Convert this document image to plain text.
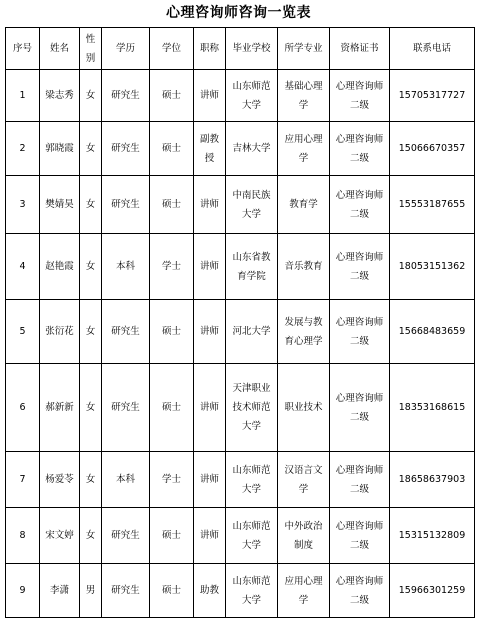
心理咨询师咨询一览表
序号	姓名	性别	学历	学位	职称	毕业学校	所学专业	资格证书	联系电话
1	梁志秀	女	研究生	硕士	讲师	山东师范大学	基础心理学	心理咨询师二级	15705317727
2	郭晓霞	女	研究生	硕士	副教授	吉林大学	应用心理学	心理咨询师二级	15066670357
3	樊婧昊	女	研究生	硕士	讲师	中南民族大学	教育学	心理咨询师二级	15553187655
4	赵艳霞	女	本科	学士	讲师	山东省教育学院	音乐教育	心理咨询师二级	18053151362
5	张衍花	女	研究生	硕士	讲师	河北大学	发展与教育心理学	心理咨询师二级	15668483659
6	郝新新	女	研究生	硕士	讲师	天津职业技术师范大学	职业技术	心理咨询师二级	18353168615
7	杨爱苓	女	本科	学士	讲师	山东师范大学	汉语言文学	心理咨询师二级	18658637903
8	宋文婷	女	研究生	硕士	讲师	山东师范大学	中外政治制度	心理咨询师二级	15315132809
9	李潇	男	研究生	硕士	助教	山东师范大学	应用心理学	心理咨询师二级	15966301259
